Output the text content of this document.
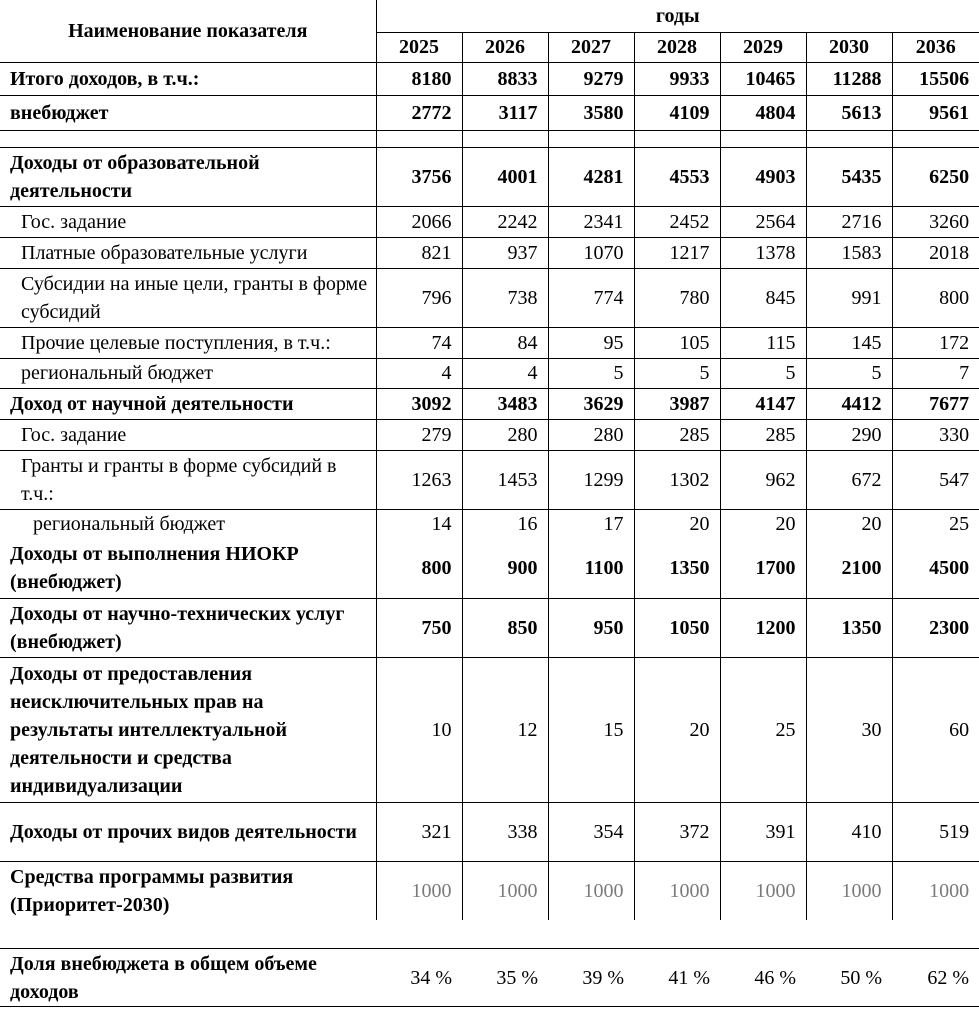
Наименование показателя	годы						
	2025	2026	2027	2028	2029	2030	2036
Итого доходов, в т.ч.:	8180	8833	9279	9933	10465	11288	15506
внебюджет	2772	3117	3580	4109	4804	5613	9561

Доходы от образовательной деятельности	3756	4001	4281	4553	4903	5435	6250
Гос. задание	2066	2242	2341	2452	2564	2716	3260
Платные образовательные услуги	821	937	1070	1217	1378	1583	2018
Субсидии на иные цели, гранты в форме субсидий	796	738	774	780	845	991	800
Прочие целевые поступления, в т.ч.:	74	84	95	105	115	145	172
региональный бюджет	4	4	5	5	5	5	7
Доход от научной деятельности	3092	3483	3629	3987	4147	4412	7677
Гос. задание	279	280	280	285	285	290	330
Гранты и гранты в форме субсидий в т.ч.:	1263	1453	1299	1302	962	672	547
региональный бюджет	14	16	17	20	20	20	25
Доходы от выполнения НИОКР (внебюджет)	800	900	1100	1350	1700	2100	4500
Доходы от научно-технических услуг (внебюджет)	750	850	950	1050	1200	1350	2300
Доходы от предоставления неисключительных прав на результаты интеллектуальной деятельности и средства индивидуализации	10	12	15	20	25	30	60
Доходы от прочих видов деятельности	321	338	354	372	391	410	519
Средства программы развития (Приоритет-2030)	1000	1000	1000	1000	1000	1000	1000

Доля внебюджета в общем объеме доходов	34 %	35 %	39 %	41 %	46 %	50 %	62 %
